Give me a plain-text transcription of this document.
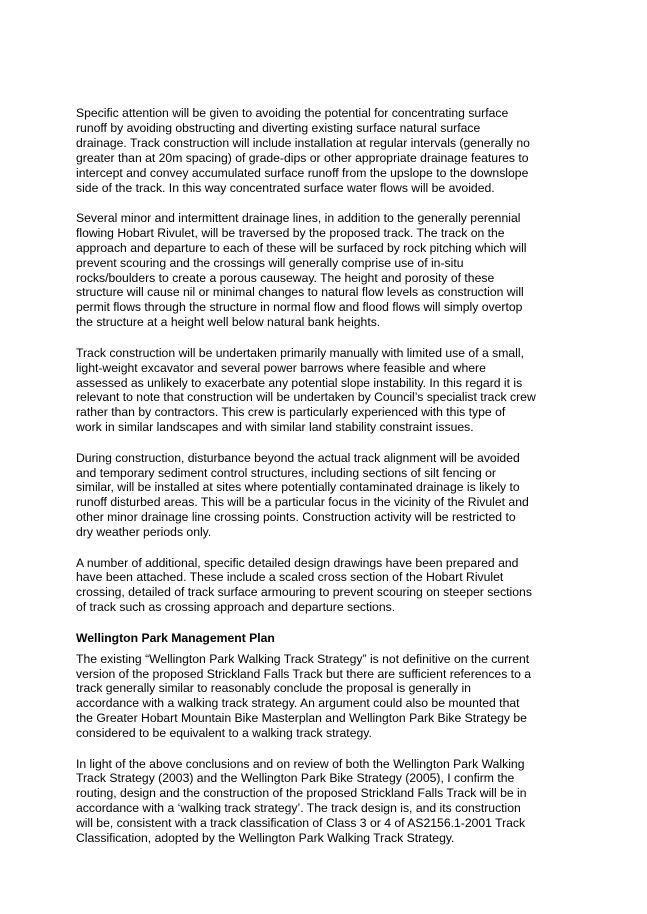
Specific attention will be given to avoiding the potential for concentrating surface
runoff by avoiding obstructing and diverting existing surface natural surface
drainage. Track construction will include installation at regular intervals (generally no
greater than at 20m spacing) of grade-dips or other appropriate drainage features to
intercept and convey accumulated surface runoff from the upslope to the downslope
side of the track. In this way concentrated surface water flows will be avoided.

Several minor and intermittent drainage lines, in addition to the generally perennial
flowing Hobart Rivulet, will be traversed by the proposed track. The track on the
approach and departure to each of these will be surfaced by rock pitching which will
prevent scouring and the crossings will generally comprise use of in-situ
rocks/boulders to create a porous causeway. The height and porosity of these
structure will cause nil or minimal changes to natural flow levels as construction will
permit flows through the structure in normal flow and flood flows will simply overtop
the structure at a height well below natural bank heights.

Track construction will be undertaken primarily manually with limited use of a small,
light-weight excavator and several power barrows where feasible and where
assessed as unlikely to exacerbate any potential slope instability. In this regard it is
relevant to note that construction will be undertaken by Council’s specialist track crew
rather than by contractors. This crew is particularly experienced with this type of
work in similar landscapes and with similar land stability constraint issues.

During construction, disturbance beyond the actual track alignment will be avoided
and temporary sediment control structures, including sections of silt fencing or
similar, will be installed at sites where potentially contaminated drainage is likely to
runoff disturbed areas. This will be a particular focus in the vicinity of the Rivulet and
other minor drainage line crossing points. Construction activity will be restricted to
dry weather periods only.

A number of additional, specific detailed design drawings have been prepared and
have been attached. These include a scaled cross section of the Hobart Rivulet
crossing, detailed of track surface armouring to prevent scouring on steeper sections
of track such as crossing approach and departure sections.

Wellington Park Management Plan

The existing “Wellington Park Walking Track Strategy” is not definitive on the current
version of the proposed Strickland Falls Track but there are sufficient references to a
track generally similar to reasonably conclude the proposal is generally in
accordance with a walking track strategy. An argument could also be mounted that
the Greater Hobart Mountain Bike Masterplan and Wellington Park Bike Strategy be
considered to be equivalent to a walking track strategy.

In light of the above conclusions and on review of both the Wellington Park Walking
Track Strategy (2003) and the Wellington Park Bike Strategy (2005), I confirm the
routing, design and the construction of the proposed Strickland Falls Track will be in
accordance with a ‘walking track strategy’. The track design is, and its construction
will be, consistent with a track classification of Class 3 or 4 of AS2156.1-2001 Track
Classification, adopted by the Wellington Park Walking Track Strategy.
